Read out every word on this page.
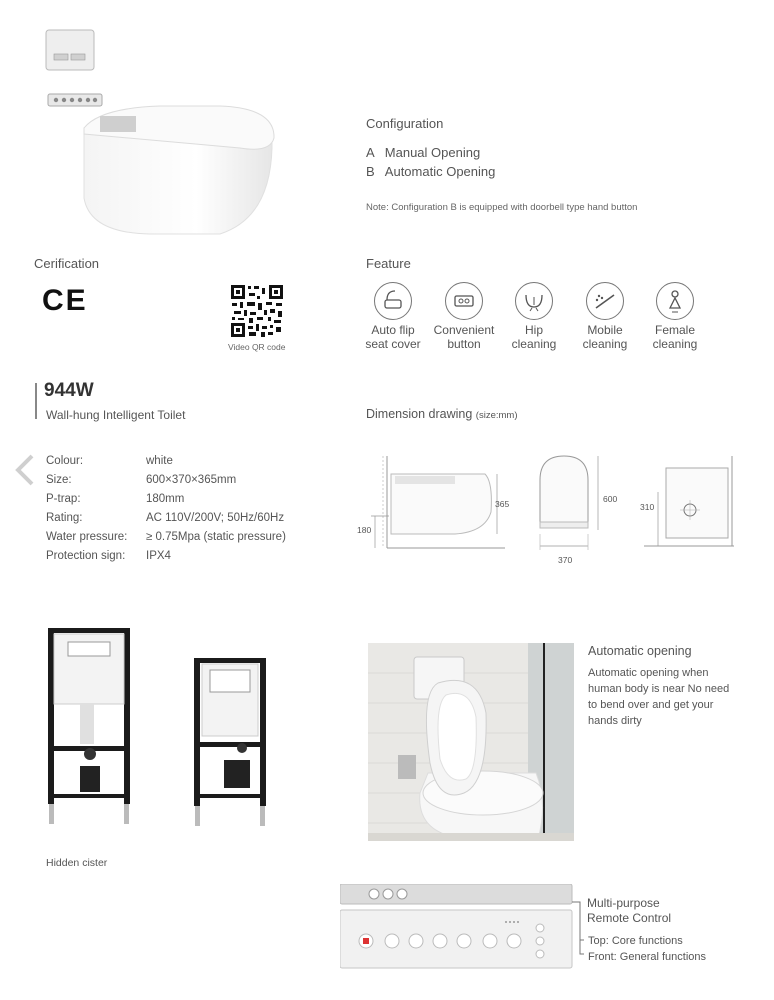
Configuration
A   Manual Opening
B   Automatic Opening
Note: Configuration B is equipped with doorbell type hand button
Cerification
CE
Video QR code
Feature
Auto flip
seat cover
Convenient
button
Hip
cleaning
Mobile
cleaning
Female
cleaning
944W
Wall-hung Intelligent Toilet
Colour:	white
Size:	600×370×365mm
P-trap:	180mm
Rating:	AC 110V/200V; 50Hz/60Hz
Water pressure: ≥ 0.75Mpa (static pressure)
Protection sign: IPX4
Dimension drawing (size:mm)
365
180
600
370
310
Hidden cister
Automatic opening
Automatic opening when
human body is near No need
to bend over and get your
hands dirty
Multi-purpose
Remote Control
Top: Core functions
Front: General functions
